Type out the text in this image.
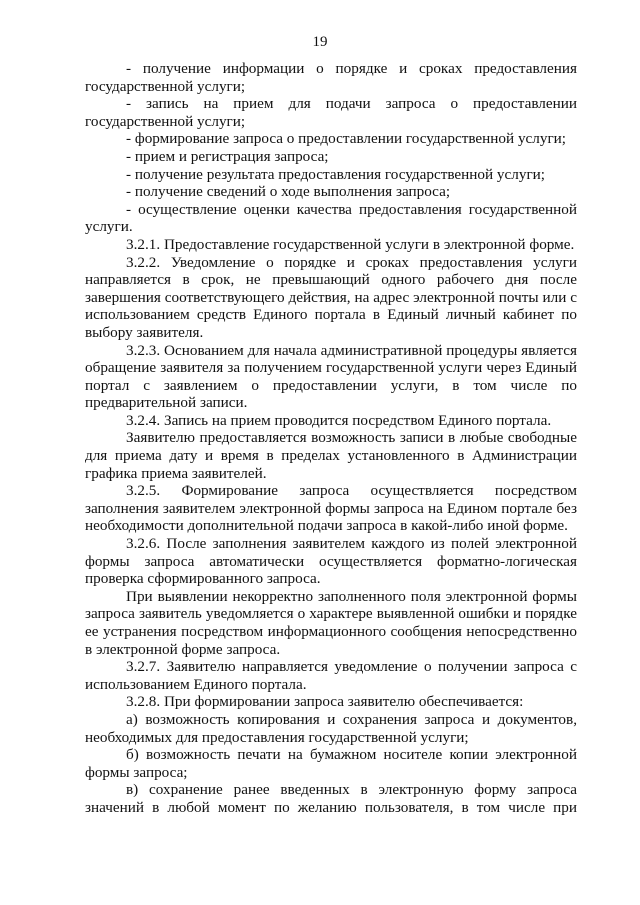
19

- получение информации о порядке и сроках предоставления государственной услуги;

- запись на прием для подачи запроса о предоставлении государственной услуги;

- формирование запроса о предоставлении государственной услуги;

- прием и регистрация запроса;

- получение результата предоставления государственной услуги;

- получение сведений о ходе выполнения запроса;

- осуществление оценки качества предоставления государственной услуги.

3.2.1. Предоставление государственной услуги в электронной форме.

3.2.2. Уведомление о порядке и сроках предоставления услуги направляется в срок, не превышающий одного рабочего дня после завершения соответствующего действия, на адрес электронной почты или с использованием средств Единого портала в Единый личный кабинет по выбору заявителя.

3.2.3. Основанием для начала административной процедуры является обращение заявителя за получением государственной услуги через Единый портал с заявлением о предоставлении услуги, в том числе по предварительной записи.

3.2.4. Запись на прием проводится посредством Единого портала.

Заявителю предоставляется возможность записи в любые свободные для приема дату и время в пределах установленного в Администрации графика приема заявителей.

3.2.5. Формирование запроса осуществляется посредством заполнения заявителем электронной формы запроса на Едином портале без необходимости дополнительной подачи запроса в какой-либо иной форме.

3.2.6. После заполнения заявителем каждого из полей электронной формы запроса автоматически осуществляется форматно-логическая проверка сформированного запроса.

При выявлении некорректно заполненного поля электронной формы запроса заявитель уведомляется о характере выявленной ошибки и порядке ее устранения посредством информационного сообщения непосредственно в электронной форме запроса.

3.2.7. Заявителю направляется уведомление о получении запроса с использованием Единого портала.

3.2.8. При формировании запроса заявителю обеспечивается:

а) возможность копирования и сохранения запроса и документов, необходимых для предоставления государственной услуги;

б) возможность печати на бумажном носителе копии электронной формы запроса;

в) сохранение ранее введенных в электронную форму запроса значений в любой момент по желанию пользователя, в том числе при
